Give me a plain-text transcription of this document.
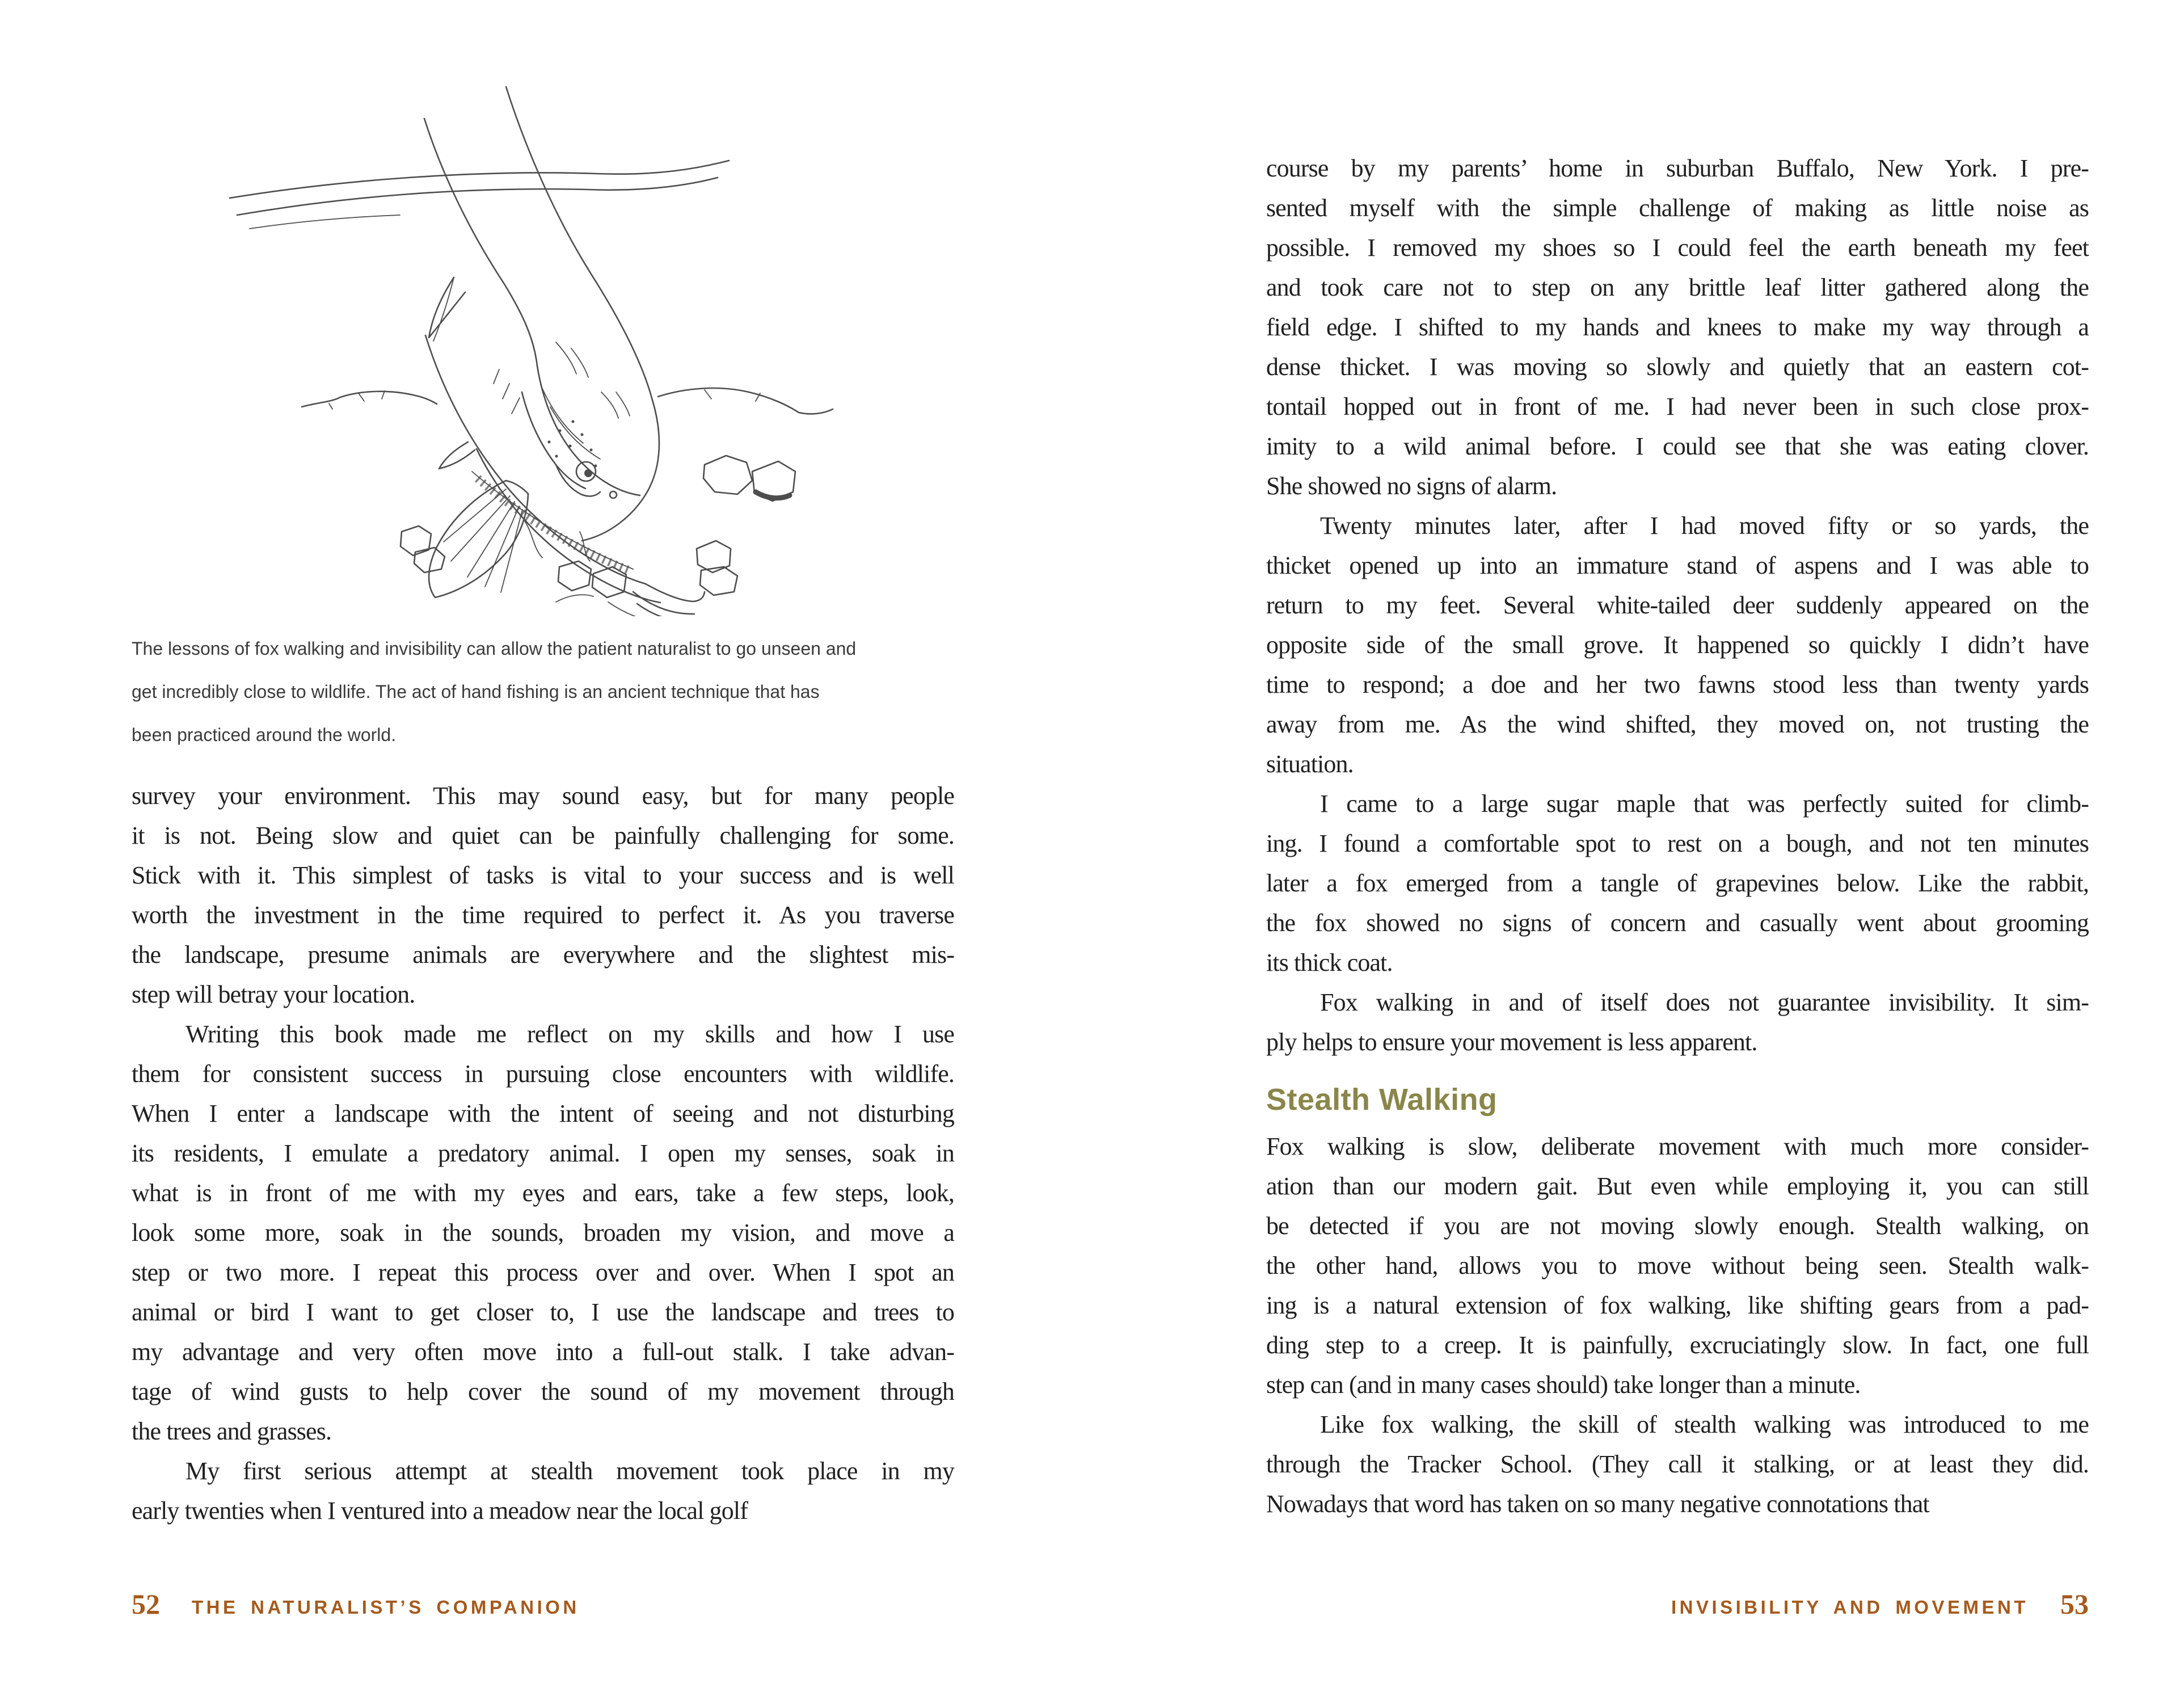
The lessons of fox walking and invisibility can allow the patient naturalist to go unseen and
get incredibly close to wildlife. The act of hand fishing is an ancient technique that has
been practiced around the world.
survey your environment. This may sound easy, but for many people
it is not. Being slow and quiet can be painfully challenging for some.
Stick with it. This simplest of tasks is vital to your success and is well
worth the investment in the time required to perfect it. As you traverse
the landscape, presume animals are everywhere and the slightest mis-
step will betray your location.
Writing this book made me reflect on my skills and how I use
them for consistent success in pursuing close encounters with wildlife.
When I enter a landscape with the intent of seeing and not disturbing
its residents, I emulate a predatory animal. I open my senses, soak in
what is in front of me with my eyes and ears, take a few steps, look,
look some more, soak in the sounds, broaden my vision, and move a
step or two more. I repeat this process over and over. When I spot an
animal or bird I want to get closer to, I use the landscape and trees to
my advantage and very often move into a full-out stalk. I take advan-
tage of wind gusts to help cover the sound of my movement through
the trees and grasses.
My first serious attempt at stealth movement took place in my
early twenties when I ventured into a meadow near the local golf
52 THE NATURALIST’S COMPANION
course by my parents’ home in suburban Buffalo, New York. I pre-
sented myself with the simple challenge of making as little noise as
possible. I removed my shoes so I could feel the earth beneath my feet
and took care not to step on any brittle leaf litter gathered along the
field edge. I shifted to my hands and knees to make my way through a
dense thicket. I was moving so slowly and quietly that an eastern cot-
tontail hopped out in front of me. I had never been in such close prox-
imity to a wild animal before. I could see that she was eating clover.
She showed no signs of alarm.
Twenty minutes later, after I had moved fifty or so yards, the
thicket opened up into an immature stand of aspens and I was able to
return to my feet. Several white-tailed deer suddenly appeared on the
opposite side of the small grove. It happened so quickly I didn’t have
time to respond; a doe and her two fawns stood less than twenty yards
away from me. As the wind shifted, they moved on, not trusting the
situation.
I came to a large sugar maple that was perfectly suited for climb-
ing. I found a comfortable spot to rest on a bough, and not ten minutes
later a fox emerged from a tangle of grapevines below. Like the rabbit,
the fox showed no signs of concern and casually went about grooming
its thick coat.
Fox walking in and of itself does not guarantee invisibility. It sim-
ply helps to ensure your movement is less apparent.
Stealth Walking
Fox walking is slow, deliberate movement with much more consider-
ation than our modern gait. But even while employing it, you can still
be detected if you are not moving slowly enough. Stealth walking, on
the other hand, allows you to move without being seen. Stealth walk-
ing is a natural extension of fox walking, like shifting gears from a pad-
ding step to a creep. It is painfully, excruciatingly slow. In fact, one full
step can (and in many cases should) take longer than a minute.
Like fox walking, the skill of stealth walking was introduced to me
through the Tracker School. (They call it stalking, or at least they did.
Nowadays that word has taken on so many negative connotations that
INVISIBILITY AND MOVEMENT 53
